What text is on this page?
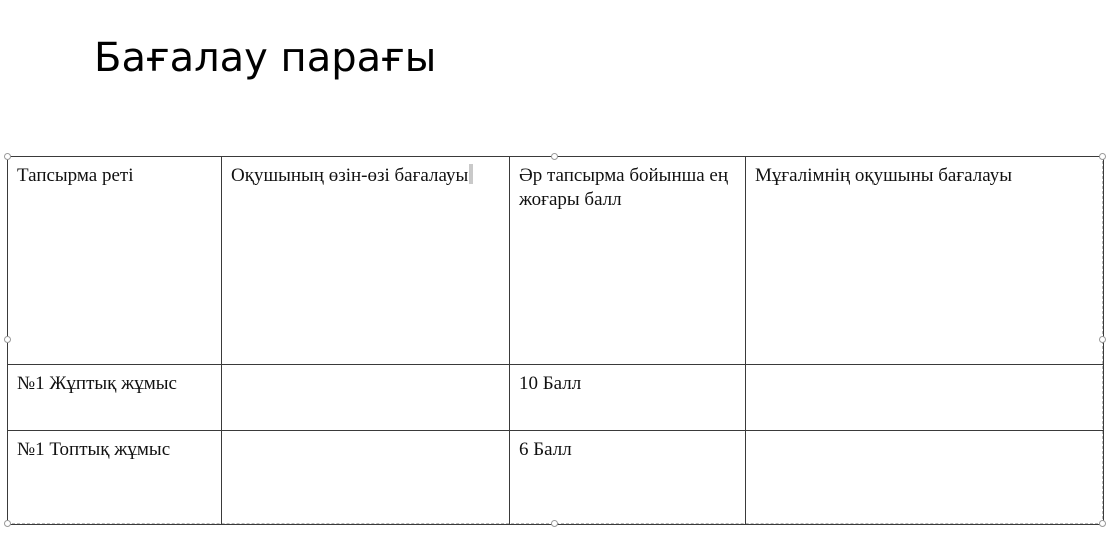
Бағалау парағы
Тапсырма реті	Оқушының өзін-өзі бағалауы	Әр тапсырма бойынша ең жоғары балл	Мұғалімнің оқушыны бағалауы
№1 Жұптық жұмыс		10 Балл	
№1 Топтық жұмыс		6 Балл	
